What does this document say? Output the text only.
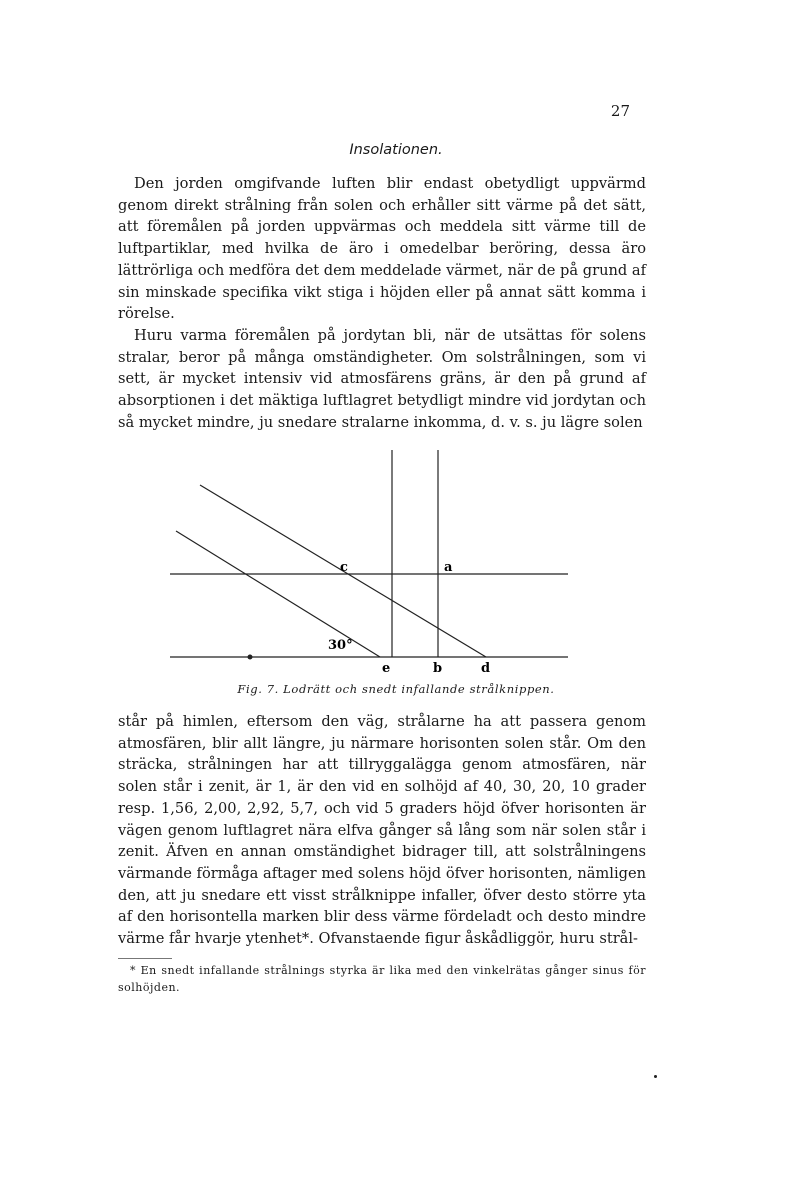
27
Insolationen.

Den jorden omgifvande luften blir endast obetydligt uppvärmd genom direkt strålning från solen och erhåller sitt värme på det sätt, att föremålen på jorden uppvärmas och meddela sitt värme till de luftpartiklar, med hvilka de äro i omedelbar beröring, dessa äro lättrörliga och medföra det dem meddelade värmet, när de på grund af sin minskade specifika vikt stiga i höjden eller på annat sätt komma i rörelse.

Huru varma föremålen på jordytan bli, när de utsättas för solens stralar, beror på många omständigheter. Om solstrålningen, som vi sett, är mycket intensiv vid atmosfärens gräns, är den på grund af absorptionen i det mäktiga luftlagret betydligt mindre vid jordytan och så mycket mindre, ju snedare stralarne inkomma, d. v. s. ju lägre solen

c	a
30°
e	b	d
Fig. 7. Lodrätt och snedt infallande strålknippen.

står på himlen, eftersom den väg, strålarne ha att passera genom atmosfären, blir allt längre, ju närmare horisonten solen står. Om den sträcka, strålningen har att tillryggalägga genom atmosfären, när solen står i zenit, är 1, är den vid en solhöjd af 40, 30, 20, 10 grader resp. 1,56, 2,00, 2,92, 5,7, och vid 5 graders höjd öfver horisonten är vägen genom luftlagret nära elfva gånger så lång som när solen står i zenit. Äfven en annan omständighet bidrager till, att solstrålningens värmande förmåga aftager med solens höjd öfver horisonten, nämligen den, att ju snedare ett visst strålknippe infaller, öfver desto större yta af den horisontella marken blir dess värme fördeladt och desto mindre värme får hvarje ytenhet*. Ofvanstaende figur åskådliggör, huru strål-

* En snedt infallande strålnings styrka är lika med den vinkelrätas gånger sinus för solhöjden.
